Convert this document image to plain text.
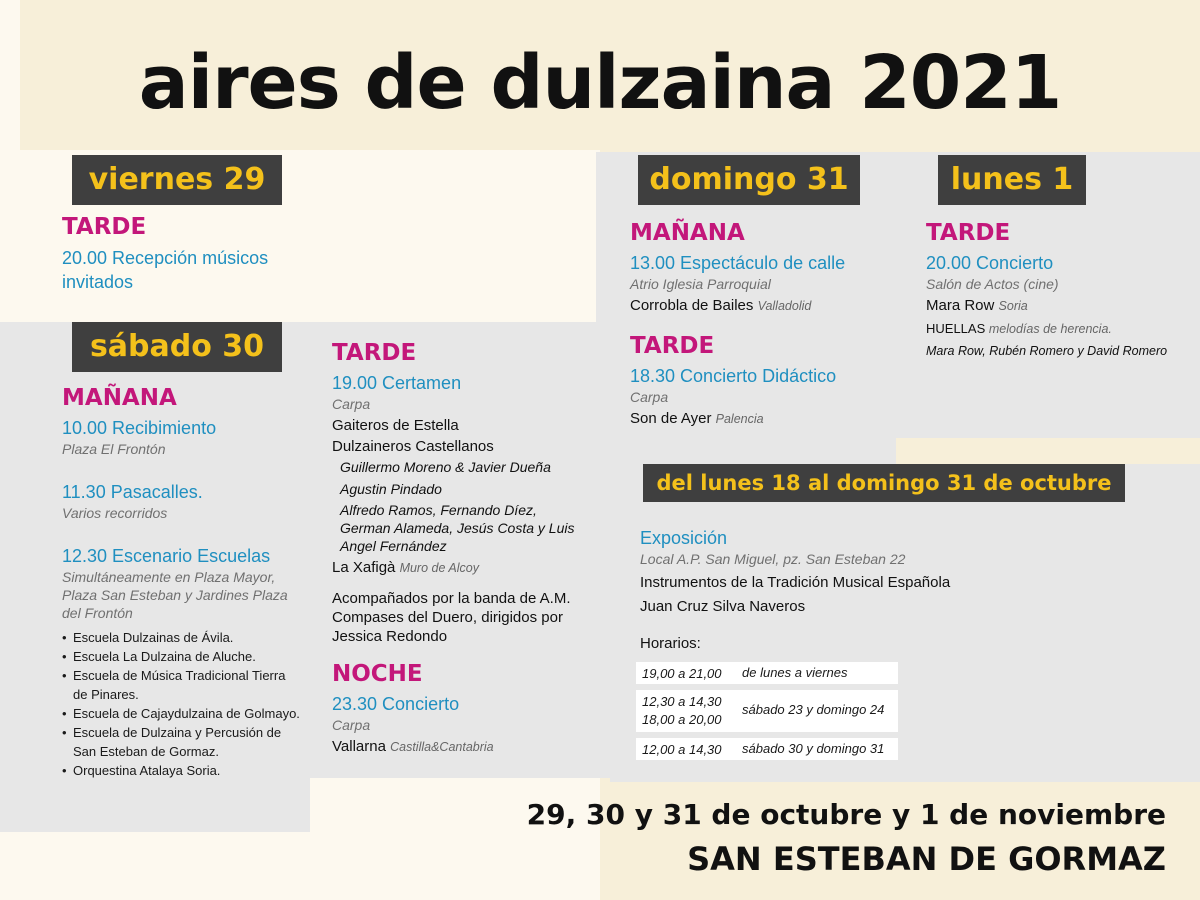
aires de dulzaina 2021
viernes 29
TARDE
20.00 Recepción músicos invitados
sábado 30
MAÑANA
10.00 Recibimiento
Plaza El Frontón
11.30 Pasacalles.
Varios recorridos
12.30 Escenario Escuelas
Simultáneamente en Plaza Mayor, Plaza San Esteban y Jardines Plaza del Frontón
• Escuela Dulzainas de Ávila.
• Escuela La Dulzaina de Aluche.
• Escuela de Música Tradicional Tierra de Pinares.
• Escuela de Cajaydulzaina de Golmayo.
• Escuela de Dulzaina y Percusión de San Esteban de Gormaz.
• Orquestina Atalaya Soria.
TARDE
19.00 Certamen
Carpa
Gaiteros de Estella
Dulzaineros Castellanos
Guillermo Moreno & Javier Dueña
Agustin Pindado
Alfredo Ramos, Fernando Díez, German Alameda, Jesús Costa y Luis Angel Fernández
La Xafigà Muro de Alcoy
Acompañados por la banda de A.M. Compases del Duero, dirigidos por Jessica Redondo
NOCHE
23.30 Concierto
Carpa
Vallarna Castilla&Cantabria
domingo 31
MAÑANA
13.00 Espectáculo de calle
Atrio Iglesia Parroquial
Corrobla de Bailes Valladolid
TARDE
18.30 Concierto Didáctico
Carpa
Son de Ayer Palencia
lunes 1
TARDE
20.00 Concierto
Salón de Actos (cine)
Mara Row Soria
HUELLAS melodías de herencia.
Mara Row, Rubén Romero y David Romero
del lunes 18 al domingo 31 de octubre
Exposición
Local A.P. San Miguel, pz. San Esteban 22
Instrumentos de la Tradición Musical Española
Juan Cruz Silva Naveros
Horarios:
19,00 a 21,00 de lunes a viernes
12,30 a 14,30
18,00 a 20,00
sábado 23 y domingo 24
12,00 a 14,30 sábado 30 y domingo 31
29, 30 y 31 de octubre y 1 de noviembre
SAN ESTEBAN DE GORMAZ
